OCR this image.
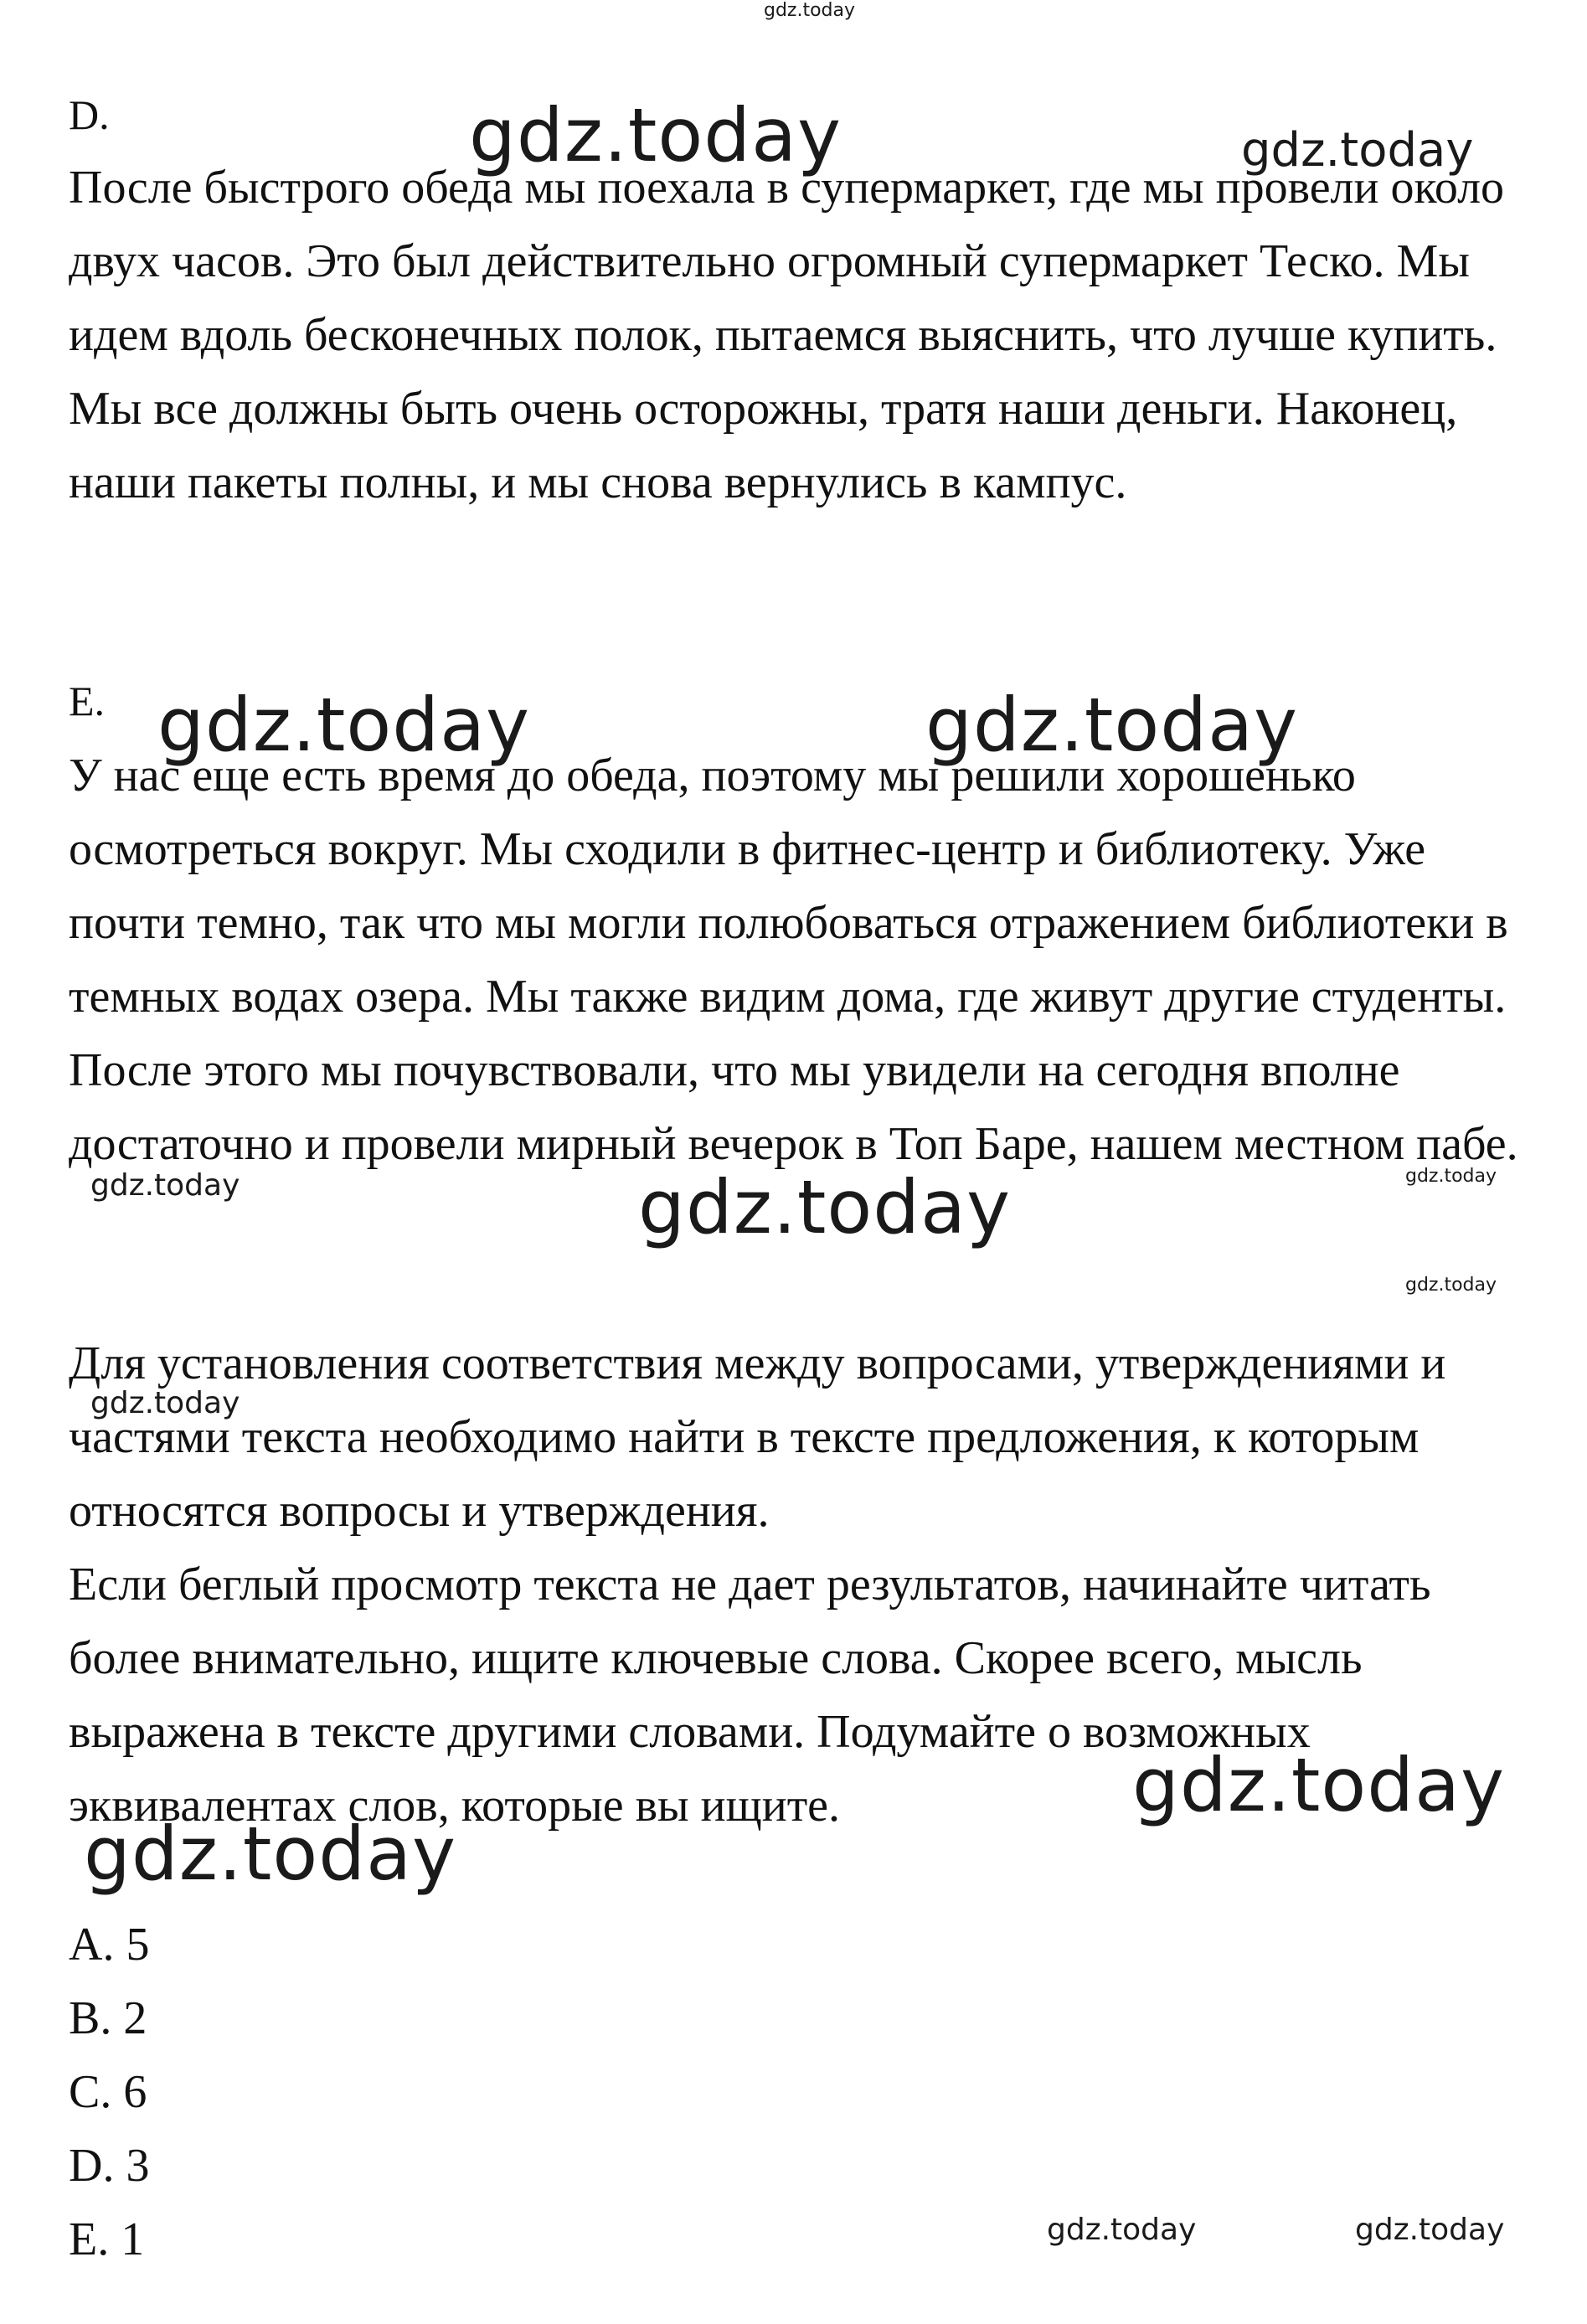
gdz.today
gdz.today	gdz.today
gdz.today	gdz.today
gdz.today	gdz.today	gdz.today
gdz.today
gdz.today
gdz.today
gdz.today
gdz.today	gdz.today
D.

После быстрого обеда мы поехала в супермаркет, где мы провели около двух часов. Это был действительно огромный супермаркет Теско. Мы идем вдоль бесконечных полок, пытаемся выяснить, что лучше купить. Мы все должны быть очень осторожны, тратя наши деньги. Наконец, наши пакеты полны, и мы снова вернулись в кампус.

E.

У нас еще есть время до обеда, поэтому мы решили хорошенько осмотреться вокруг. Мы сходили в фитнес-центр и библиотеку. Уже почти темно, так что мы могли полюбоваться отражением библиотеки в темных водах озера. Мы также видим дома, где живут другие студенты. После этого мы почувствовали, что мы увидели на сегодня вполне достаточно и провели мирный вечерок в Топ Баре, нашем местном пабе.

Для установления соответствия между вопросами, утверждениями и частями текста необходимо найти в тексте предложения, к которым относятся вопросы и утверждения.

Если беглый просмотр текста не дает результатов, начинайте читать более внимательно, ищите ключевые слова. Скорее всего, мысль выражена в тексте другими словами. Подумайте о возможных эквивалентах слов, которые вы ищите.

A. 5
B. 2
C. 6
D. 3
E. 1
